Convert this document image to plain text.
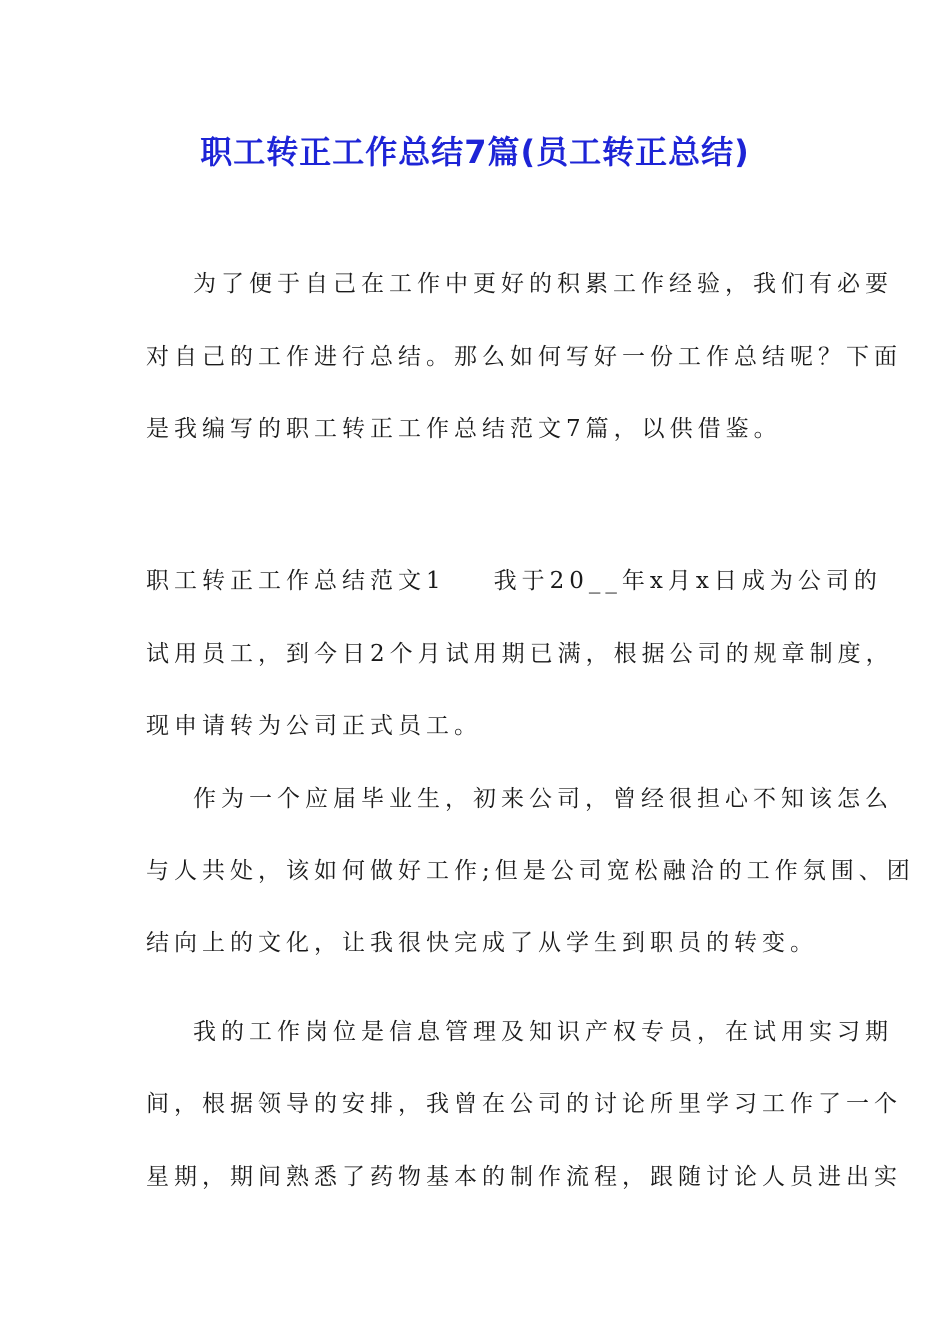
职工转正工作总结7篇(员工转正总结)
为了便于自己在工作中更好的积累工作经验，我们有必要
对自己的工作进行总结。那么如何写好一份工作总结呢？下面
是我编写的职工转正工作总结范文7篇，以供借鉴。
职工转正工作总结范文1 我于20__年x月x日成为公司的
试用员工，到今日2个月试用期已满，根据公司的规章制度，
现申请转为公司正式员工。
作为一个应届毕业生，初来公司，曾经很担心不知该怎么
与人共处，该如何做好工作;但是公司宽松融洽的工作氛围、团
结向上的文化，让我很快完成了从学生到职员的转变。
我的工作岗位是信息管理及知识产权专员，在试用实习期
间，根据领导的安排，我曾在公司的讨论所里学习工作了一个
星期，期间熟悉了药物基本的制作流程，跟随讨论人员进出实
